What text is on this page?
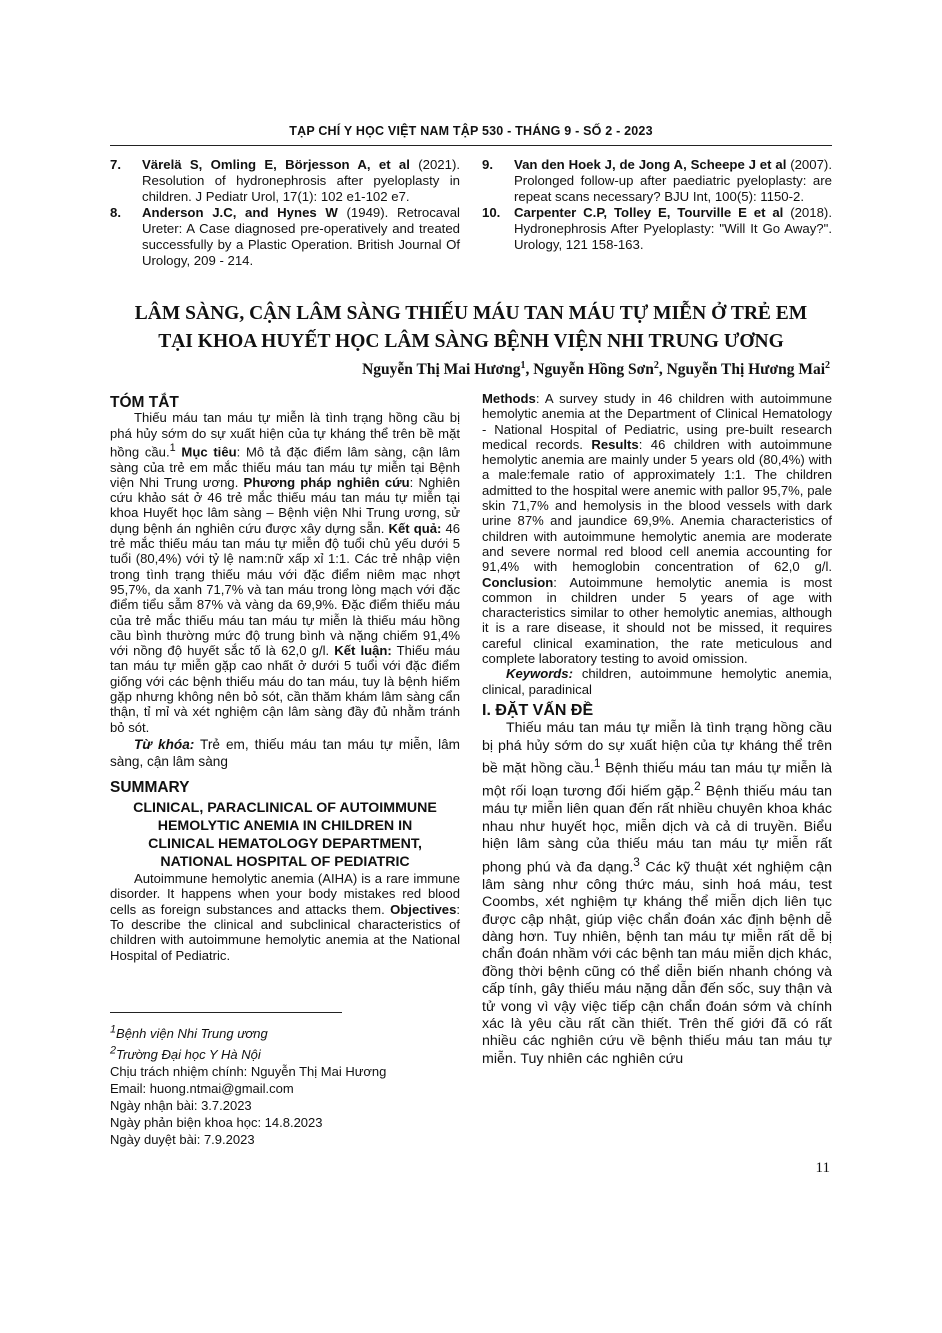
TẠP CHÍ Y HỌC VIỆT NAM TẬP 530 - THÁNG 9 - SỐ 2 - 2023
7. Värelä S, Omling E, Börjesson A, et al (2021). Resolution of hydronephrosis after pyeloplasty in children. J Pediatr Urol, 17(1): 102 e1-102 e7.
8. Anderson J.C, and Hynes W (1949). Retrocaval Ureter: A Case diagnosed pre-operatively and treated successfully by a Plastic Operation. British Journal Of Urology, 209 - 214.
9. Van den Hoek J, de Jong A, Scheepe J et al (2007). Prolonged follow-up after paediatric pyeloplasty: are repeat scans necessary? BJU Int, 100(5): 1150-2.
10. Carpenter C.P, Tolley E, Tourville E et al (2018). Hydronephrosis After Pyeloplasty: "Will It Go Away?". Urology, 121 158-163.
LÂM SÀNG, CẬN LÂM SÀNG THIẾU MÁU TAN MÁU TỰ MIỄN Ở TRẺ EM
TẠI KHOA HUYẾT HỌC LÂM SÀNG BỆNH VIỆN NHI TRUNG ƯƠNG
Nguyễn Thị Mai Hương$^1$, Nguyễn Hồng Sơn$^2$, Nguyễn Thị Hương Mai$^2$
TÓM TẮT

Thiếu máu tan máu tự miễn là tình trạng hồng cầu bị phá hủy sớm do sự xuất hiện của tự kháng thể trên bề mặt hồng cầu.$^1$ Mục tiêu: Mô tả đặc điểm lâm sàng, cận lâm sàng của trẻ em mắc thiếu máu tan máu tự miễn tại Bệnh viện Nhi Trung ương. Phương pháp nghiên cứu: Nghiên cứu khảo sát ở 46 trẻ mắc thiếu máu tan máu tự miễn tại khoa Huyết học lâm sàng – Bệnh viện Nhi Trung ương, sử dụng bệnh án nghiên cứu được xây dựng sẵn. Kết quả: 46 trẻ mắc thiếu máu tan máu tự miễn độ tuổi chủ yếu dưới 5 tuổi (80,4%) với tỷ lệ nam:nữ xấp xỉ 1:1. Các trẻ nhập viện trong tình trạng thiếu máu với đặc điểm niêm mạc nhợt 95,7%, da xanh 71,7% và tan máu trong lòng mạch với đặc điểm tiểu sẫm 87% và vàng da 69,9%. Đặc điểm thiếu máu của trẻ mắc thiếu máu tan máu tự miễn là thiếu máu hồng cầu bình thường mức độ trung bình và nặng chiếm 91,4% với nồng độ huyết sắc tố là 62,0 g/l. Kết luận: Thiếu máu tan máu tự miễn gặp cao nhất ở dưới 5 tuổi với đặc điểm giống với các bệnh thiếu máu do tan máu, tuy là bệnh hiếm gặp nhưng không nên bỏ sót, cần thăm khám lâm sàng cẩn thận, tỉ mỉ và xét nghiệm cận lâm sàng đầy đủ nhằm tránh bỏ sót.

Từ khóa: Trẻ em, thiếu máu tan máu tự miễn, lâm sàng, cận lâm sàng

SUMMARY
CLINICAL, PARACLINICAL OF AUTOIMMUNE
HEMOLYTIC ANEMIA IN CHILDREN IN
CLINICAL HEMATOLOGY DEPARTMENT,
NATIONAL HOSPITAL OF PEDIATRIC

Autoimmune hemolytic anemia (AIHA) is a rare immune disorder. It happens when your body mistakes red blood cells as foreign substances and attacks them. Objectives: To describe the clinical and subclinical characteristics of children with autoimmune hemolytic anemia at the National Hospital of Pediatric.

$^1$Bệnh viện Nhi Trung ương
$^2$Trường Đại học Y Hà Nội
Chịu trách nhiệm chính: Nguyễn Thị Mai Hương
Email: huong.ntmai@gmail.com
Ngày nhận bài: 3.7.2023
Ngày phản biện khoa học: 14.8.2023
Ngày duyệt bài: 7.9.2023

Methods: A survey study in 46 children with autoimmune hemolytic anemia at the Department of Clinical Hematology - National Hospital of Pediatric, using pre-built research medical records. Results: 46 children with autoimmune hemolytic anemia are mainly under 5 years old (80,4%) with a male:female ratio of approximately 1:1. The children admitted to the hospital were anemic with pallor 95,7%, pale skin 71,7% and hemolysis in the blood vessels with dark urine 87% and jaundice 69,9%. Anemia characteristics of children with autoimmune hemolytic anemia are moderate and severe normal red blood cell anemia accounting for 91,4% with hemoglobin concentration of 62,0 g/l. Conclusion: Autoimmune hemolytic anemia is most common in children under 5 years of age with characteristics similar to other hemolytic anemias, although it is a rare disease, it should not be missed, it requires careful clinical examination, the rate meticulous and complete laboratory testing to avoid omission.

Keywords: children, autoimmune hemolytic anemia, clinical, paradinical

I. ĐẶT VẤN ĐỀ

Thiếu máu tan máu tự miễn là tình trạng hồng cầu bị phá hủy sớm do sự xuất hiện của tự kháng thể trên bề mặt hồng cầu.$^1$ Bệnh thiếu máu tan máu tự miễn là một rối loạn tương đối hiếm gặp.$^2$ Bệnh thiếu máu tan máu tự miễn liên quan đến rất nhiều chuyên khoa khác nhau như huyết học, miễn dịch và cả di truyền. Biểu hiện lâm sàng của thiếu máu tan máu tự miễn rất phong phú và đa dạng.$^3$ Các kỹ thuật xét nghiệm cận lâm sàng như công thức máu, sinh hoá máu, test Coombs, xét nghiệm tự kháng thể miễn dịch liên tục được cập nhật, giúp việc chẩn đoán xác định bệnh dễ dàng hơn. Tuy nhiên, bệnh tan máu tự miễn rất dễ bị chẩn đoán nhầm với các bệnh tan máu miễn dịch khác, đồng thời bệnh cũng có thể diễn biến nhanh chóng và cấp tính, gây thiếu máu nặng dẫn đến sốc, suy thận và tử vong vì vậy việc tiếp cận chẩn đoán sớm và chính xác là yêu cầu rất cần thiết. Trên thế giới đã có rất nhiều các nghiên cứu về bệnh thiếu máu tan máu tự miễn. Tuy nhiên các nghiên cứu

11
